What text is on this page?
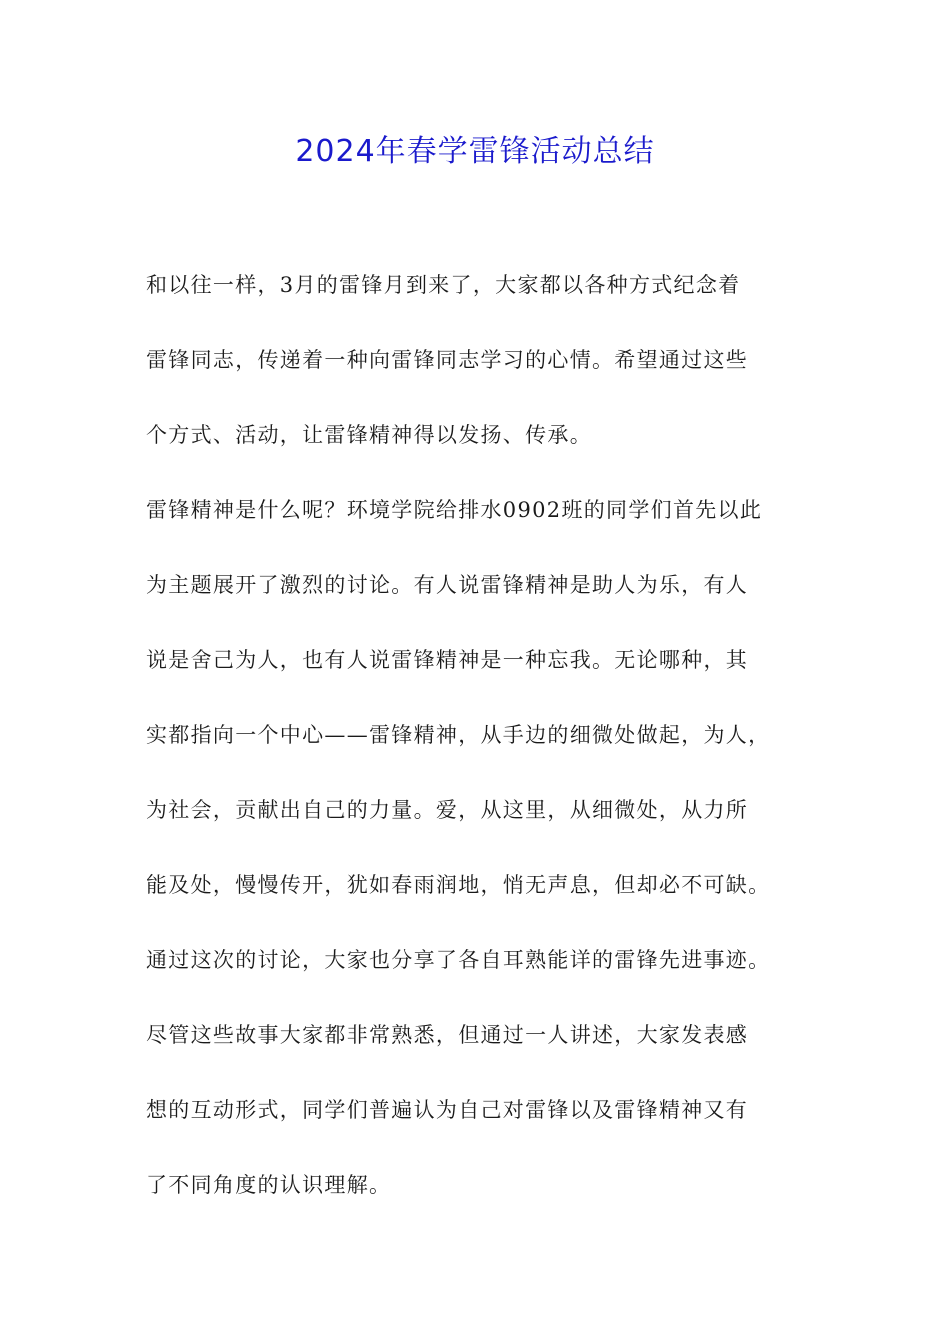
2024年春学雷锋活动总结
和以往一样，3月的雷锋月到来了，大家都以各种方式纪念着
雷锋同志，传递着一种向雷锋同志学习的心情。希望通过这些
个方式、活动，让雷锋精神得以发扬、传承。
雷锋精神是什么呢？环境学院给排水0902班的同学们首先以此
为主题展开了激烈的讨论。有人说雷锋精神是助人为乐，有人
说是舍己为人，也有人说雷锋精神是一种忘我。无论哪种，其
实都指向一个中心——雷锋精神，从手边的细微处做起，为人，
为社会，贡献出自己的力量。爱，从这里，从细微处，从力所
能及处，慢慢传开，犹如春雨润地，悄无声息，但却必不可缺。
通过这次的讨论，大家也分享了各自耳熟能详的雷锋先进事迹。
尽管这些故事大家都非常熟悉，但通过一人讲述，大家发表感
想的互动形式，同学们普遍认为自己对雷锋以及雷锋精神又有
了不同角度的认识理解。
